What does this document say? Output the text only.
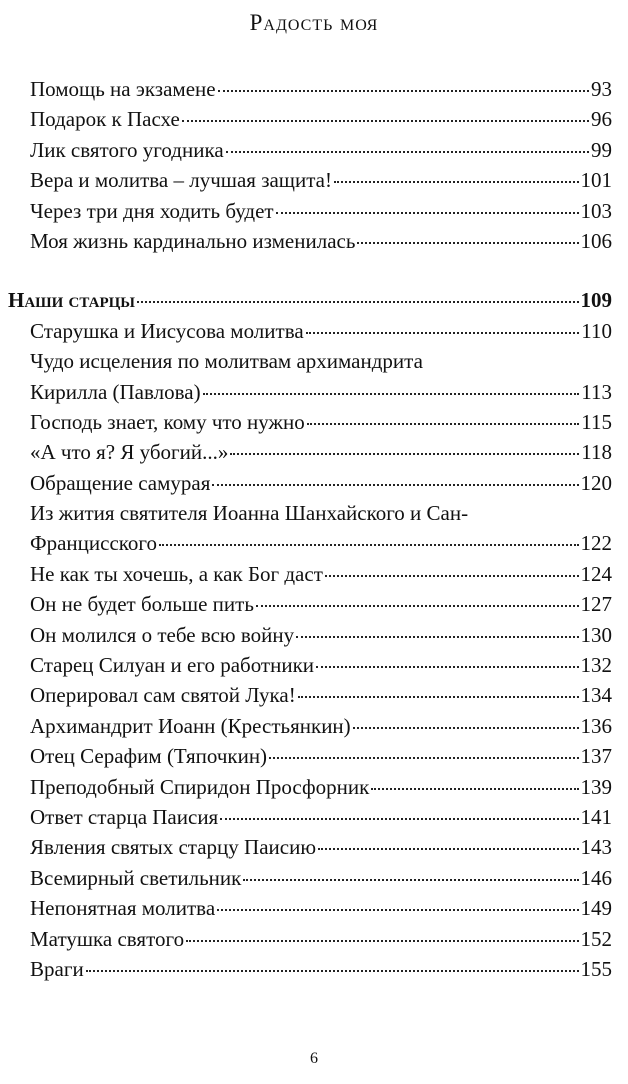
Радость моя
Помощь на экзамене	93
Подарок к Пасхе	96
Лик святого угодника	99
Вера и молитва – лучшая защита!	101
Через три дня ходить будет	103
Моя жизнь кардинально изменилась	106
Наши старцы	109
Старушка и Иисусова молитва	110
Чудо исцеления по молитвам архимандрита
Кирилла (Павлова)	113
Господь знает, кому что нужно	115
«А что я? Я убогий...»	118
Обращение самурая	120
Из жития святителя Иоанна Шанхайского и Сан-
Францисского	122
Не как ты хочешь, а как Бог даст	124
Он не будет больше пить	127
Он молился о тебе всю войну	130
Старец Силуан и его работники	132
Оперировал сам святой Лука!	134
Архимандрит Иоанн (Крестьянкин)	136
Отец Серафим (Тяпочкин)	137
Преподобный Спиридон Просфорник	139
Ответ старца Паисия	141
Явления святых старцу Паисию	143
Всемирный светильник	146
Непонятная молитва	149
Матушка святого	152
Враги	155
6
